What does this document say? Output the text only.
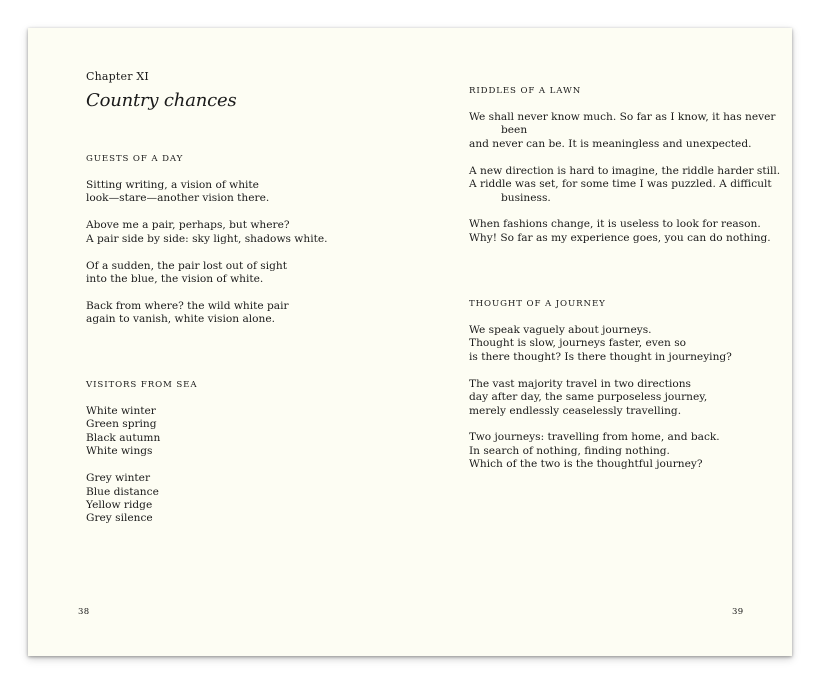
Chapter XI
Country chances
GUESTS OF A DAY
Sitting writing, a vision of white
look—stare—another vision there.
Above me a pair, perhaps, but where?
A pair side by side: sky light, shadows white.
Of a sudden, the pair lost out of sight
into the blue, the vision of white.
Back from where? the wild white pair
again to vanish, white vision alone.
VISITORS FROM SEA
White winter
Green spring
Black autumn
White wings
Grey winter
Blue distance
Yellow ridge
Grey silence
38
RIDDLES OF A LAWN
We shall never know much. So far as I know, it has never
been
and never can be. It is meaningless and unexpected.
A new direction is hard to imagine, the riddle harder still.
A riddle was set, for some time I was puzzled. A difficult
business.
When fashions change, it is useless to look for reason.
Why! So far as my experience goes, you can do nothing.
THOUGHT OF A JOURNEY
We speak vaguely about journeys.
Thought is slow, journeys faster, even so
is there thought? Is there thought in journeying?
The vast majority travel in two directions
day after day, the same purposeless journey,
merely endlessly ceaselessly travelling.
Two journeys: travelling from home, and back.
In search of nothing, finding nothing.
Which of the two is the thoughtful journey?
39
